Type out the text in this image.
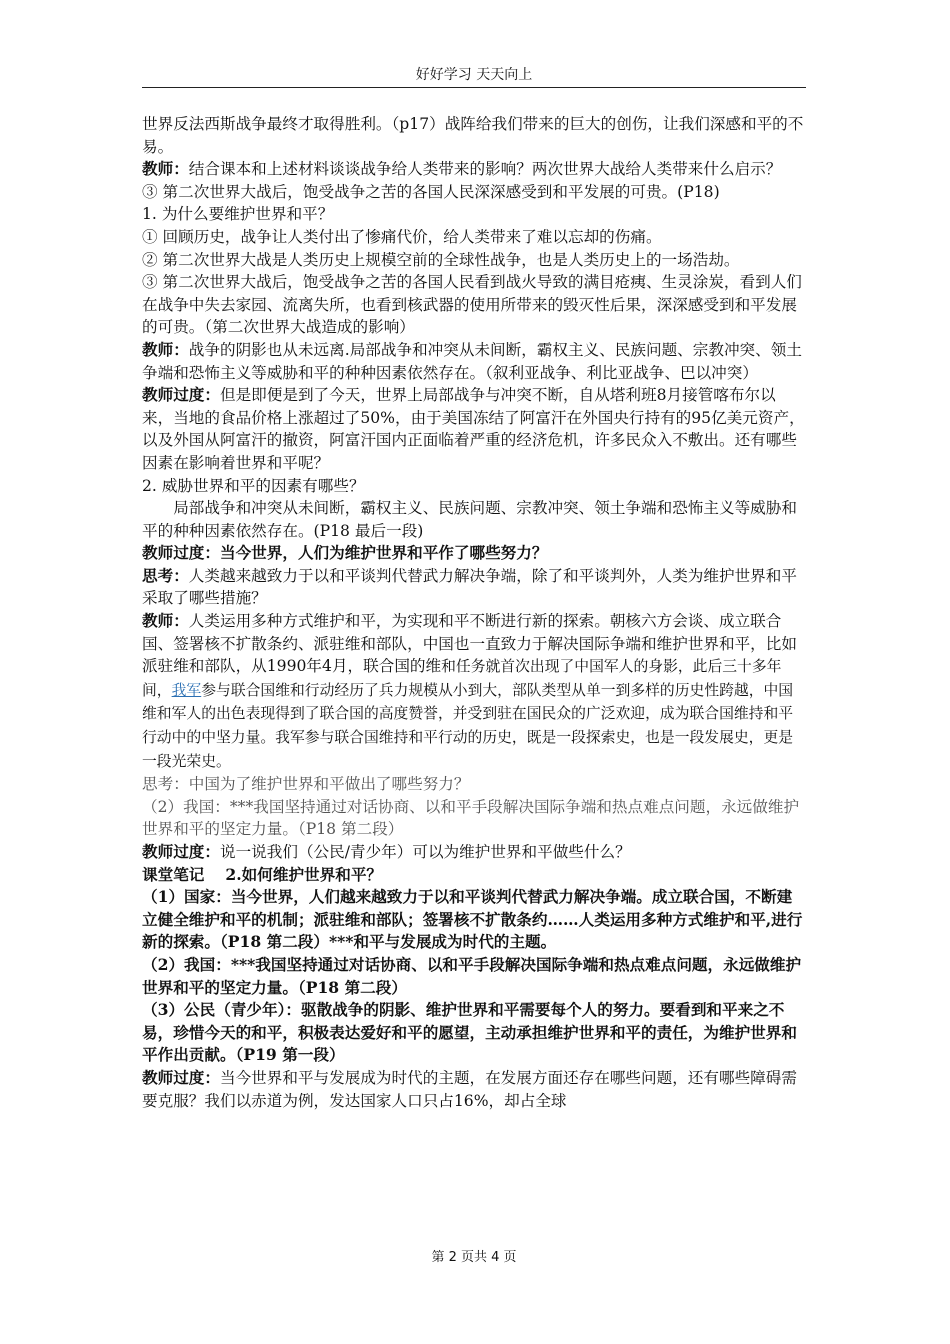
好好学习 天天向上

世界反法西斯战争最终才取得胜利。（p17）战阵给我们带来的巨大的创伤，让我们深感和平的不易。

教师：结合课本和上述材料谈谈战争给人类带来的影响？两次世界大战给人类带来什么启示？

③ 第二次世界大战后，饱受战争之苦的各国人民深深感受到和平发展的可贵。(P18)

1. 为什么要维护世界和平？

① 回顾历史，战争让人类付出了惨痛代价，给人类带来了难以忘却的伤痛。

② 第二次世界大战是人类历史上规模空前的全球性战争，也是人类历史上的一场浩劫。

③ 第二次世界大战后，饱受战争之苦的各国人民看到战火导致的满目疮痍、生灵涂炭，看到人们在战争中失去家园、流离失所，也看到核武器的使用所带来的毁灭性后果，深深感受到和平发展的可贵。（第二次世界大战造成的影响）

教师：战争的阴影也从未远离.局部战争和冲突从未间断，霸权主义、民族问题、宗教冲突、领土争端和恐怖主义等威胁和平的种种因素依然存在。（叙利亚战争、利比亚战争、巴以冲突）

教师过度：但是即便是到了今天，世界上局部战争与冲突不断，自从塔利班8月接管喀布尔以来，当地的食品价格上涨超过了50%，由于美国冻结了阿富汗在外国央行持有的95亿美元资产，以及外国从阿富汗的撤资，阿富汗国内正面临着严重的经济危机，许多民众入不敷出。还有哪些因素在影响着世界和平呢？

2. 威胁世界和平的因素有哪些？

局部战争和冲突从未间断，霸权主义、民族问题、宗教冲突、领土争端和恐怖主义等威胁和平的种种因素依然存在。(P18 最后一段)

教师过度：当今世界，人们为维护世界和平作了哪些努力？

思考：人类越来越致力于以和平谈判代替武力解决争端，除了和平谈判外，人类为维护世界和平采取了哪些措施？

教师：人类运用多种方式维护和平，为实现和平不断进行新的探索。朝核六方会谈、成立联合国、签署核不扩散条约、派驻维和部队，中国也一直致力于解决国际争端和维护世界和平，比如派驻维和部队，从1990年4月，联合国的维和任务就首次出现了中国军人的身影，此后三十多年间，我军参与联合国维和行动经历了兵力规模从小到大，部队类型从单一到多样的历史性跨越，中国维和军人的出色表现得到了联合国的高度赞誉，并受到驻在国民众的广泛欢迎，成为联合国维持和平行动中的中坚力量。我军参与联合国维持和平行动的历史，既是一段探索史，也是一段发展史，更是一段光荣史。

思考：中国为了维护世界和平做出了哪些努力？

（2）我国：***我国坚持通过对话协商、以和平手段解决国际争端和热点难点问题，永远做维护世界和平的坚定力量。（P18 第二段）

教师过度：说一说我们（公民/青少年）可以为维护世界和平做些什么？

课堂笔记　 2.如何维护世界和平？

（1）国家：当今世界，人们越来越致力于以和平谈判代替武力解决争端。成立联合国，不断建立健全维护和平的机制；派驻维和部队；签署核不扩散条约……人类运用多种方式维护和平,进行新的探索。（P18 第二段）***和平与发展成为时代的主题。

（2）我国：***我国坚持通过对话协商、以和平手段解决国际争端和热点难点问题，永远做维护世界和平的坚定力量。（P18 第二段）

（3）公民（青少年）：驱散战争的阴影、维护世界和平需要每个人的努力。要看到和平来之不易，珍惜今天的和平，积极表达爱好和平的愿望，主动承担维护世界和平的责任，为维护世界和平作出贡献。（P19 第一段）

教师过度：当今世界和平与发展成为时代的主题，在发展方面还存在哪些问题，还有哪些障碍需要克服？我们以赤道为例，发达国家人口只占16%，却占全球

第 2 页共 4 页
